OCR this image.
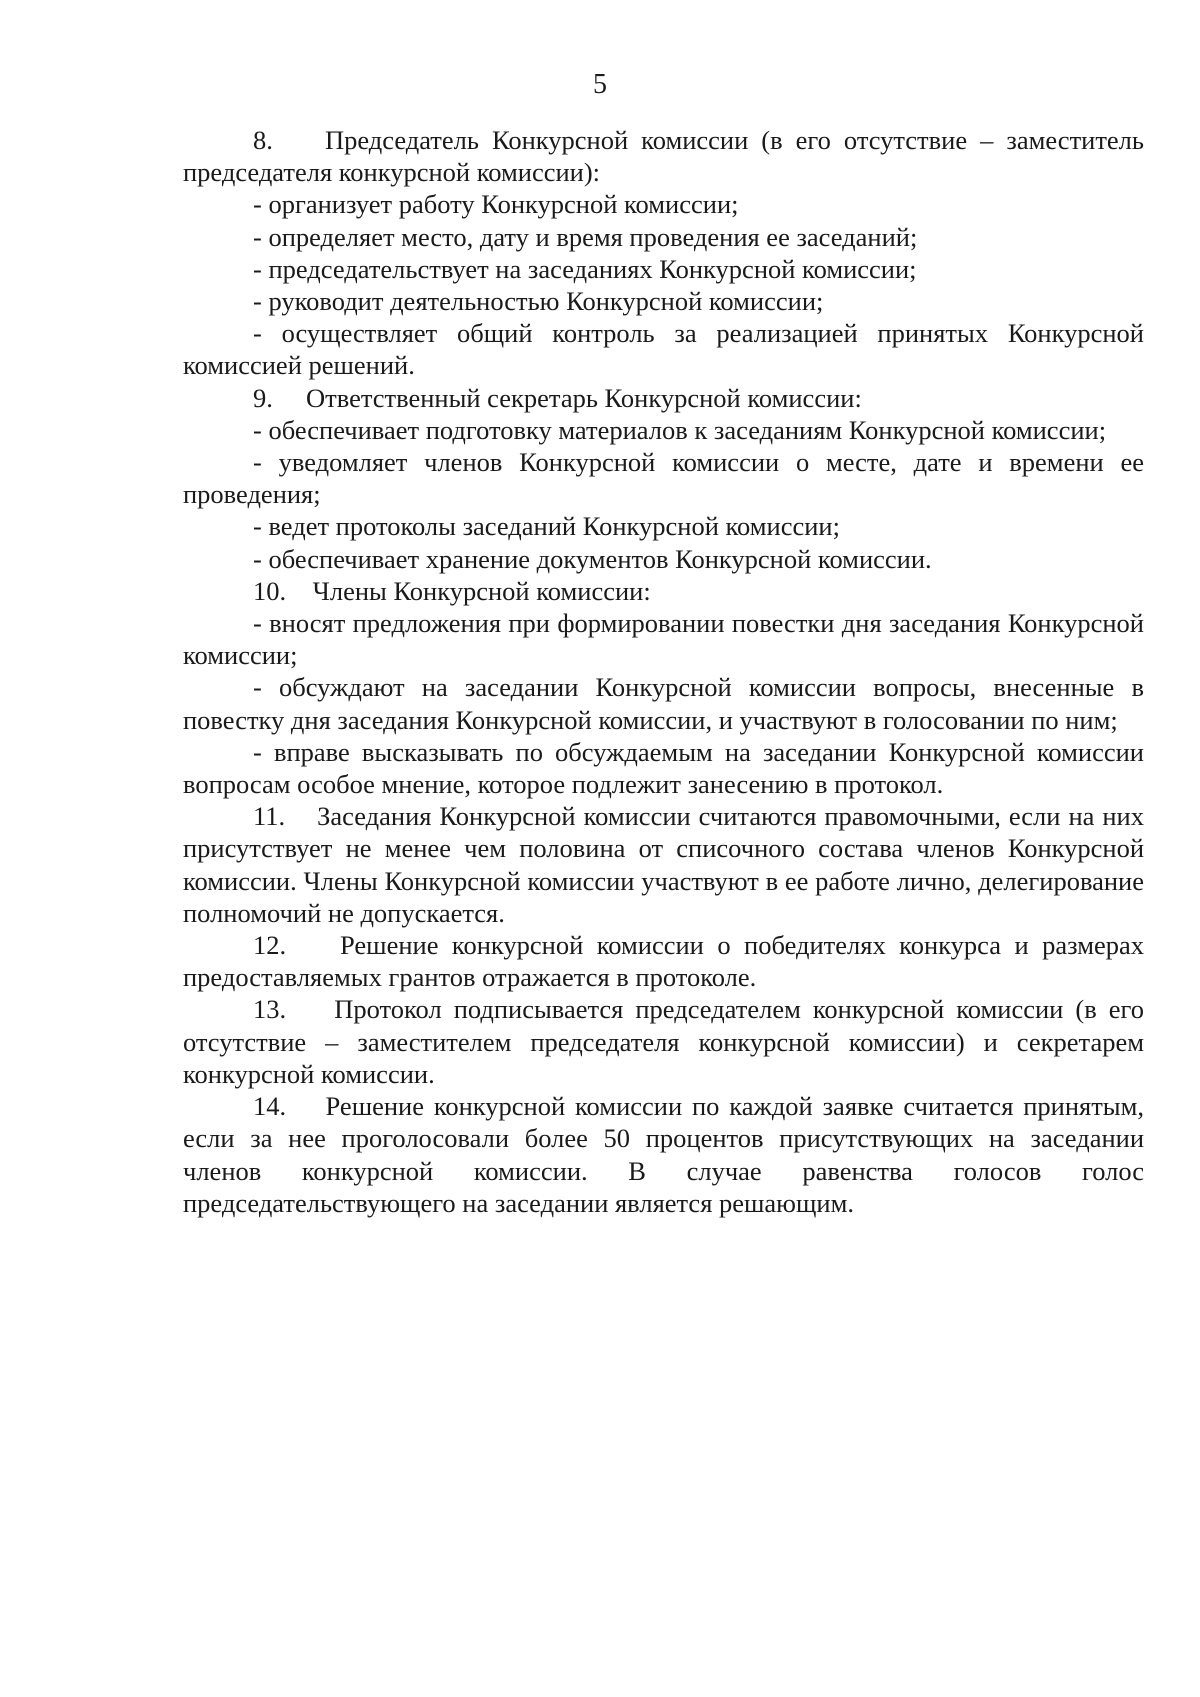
5

8.    Председатель Конкурсной комиссии (в его отсутствие – заместитель председателя конкурсной комиссии):

- организует работу Конкурсной комиссии;

- определяет место, дату и время проведения ее заседаний;

- председательствует на заседаниях Конкурсной комиссии;

- руководит деятельностью Конкурсной комиссии;

- осуществляет общий контроль за реализацией принятых Конкурсной комиссией решений.

9.     Ответственный секретарь Конкурсной комиссии:

- обеспечивает подготовку материалов к заседаниям Конкурсной комиссии;

- уведомляет членов Конкурсной комиссии о месте, дате и времени ее проведения;

- ведет протоколы заседаний Конкурсной комиссии;

- обеспечивает хранение документов Конкурсной комиссии.

10.    Члены Конкурсной комиссии:

- вносят предложения при формировании повестки дня заседания Конкурсной комиссии;

- обсуждают на заседании Конкурсной комиссии вопросы, внесенные в повестку дня заседания Конкурсной комиссии, и участвуют в голосовании по ним;

- вправе высказывать по обсуждаемым на заседании Конкурсной комиссии вопросам особое мнение, которое подлежит занесению в протокол.

11.    Заседания Конкурсной комиссии считаются правомочными, если на них присутствует не менее чем половина от списочного состава членов Конкурсной комиссии. Члены Конкурсной комиссии участвуют в ее работе лично, делегирование полномочий не допускается.

12.    Решение конкурсной комиссии о победителях конкурса и размерах предоставляемых грантов отражается в протоколе.

13.    Протокол подписывается председателем конкурсной комиссии (в его отсутствие – заместителем председателя конкурсной комиссии) и секретарем конкурсной комиссии.

14.    Решение конкурсной комиссии по каждой заявке считается принятым, если за нее проголосовали более 50 процентов присутствующих на заседании членов конкурсной комиссии. В случае равенства голосов голос председательствующего на заседании является решающим.
